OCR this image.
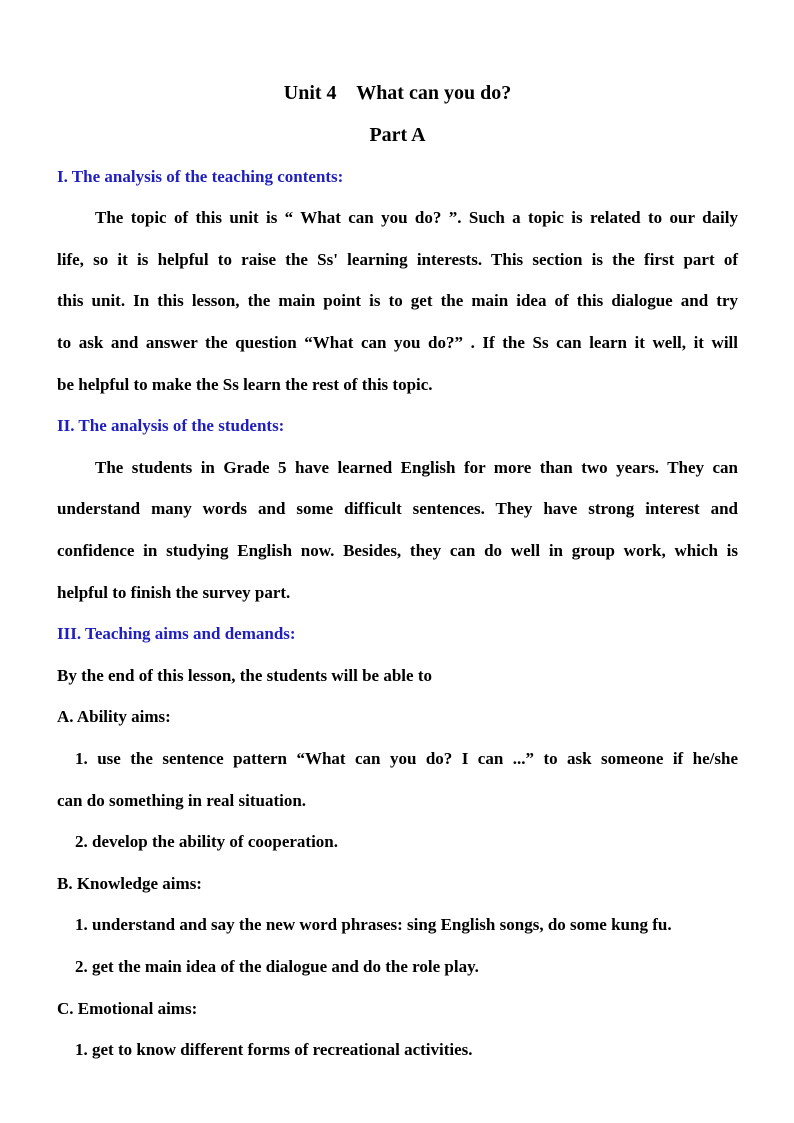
Unit 4    What can you do?
Part A
I. The analysis of the teaching contents:
The topic of this unit is “ What can you do? ”. Such a topic is related to our daily
life, so it is helpful to raise the Ss' learning interests. This section is the first part of
this unit. In this lesson, the main point is to get the main idea of this dialogue and try
to ask and answer the question “What can you do?” . If the Ss can learn it well, it will
be helpful to make the Ss learn the rest of this topic.
II. The analysis of the students:
The students in Grade 5 have learned English for more than two years. They can
understand many words and some difficult sentences. They have strong interest and
confidence in studying English now. Besides, they can do well in group work, which is
helpful to finish the survey part.
III. Teaching aims and demands:
By the end of this lesson, the students will be able to
A. Ability aims:
1. use the sentence pattern “What can you do? I can ...” to ask someone if he/she
can do something in real situation.
2. develop the ability of cooperation.
B. Knowledge aims:
1. understand and say the new word phrases: sing English songs, do some kung fu.
2. get the main idea of the dialogue and do the role play.
C. Emotional aims:
1. get to know different forms of recreational activities.
